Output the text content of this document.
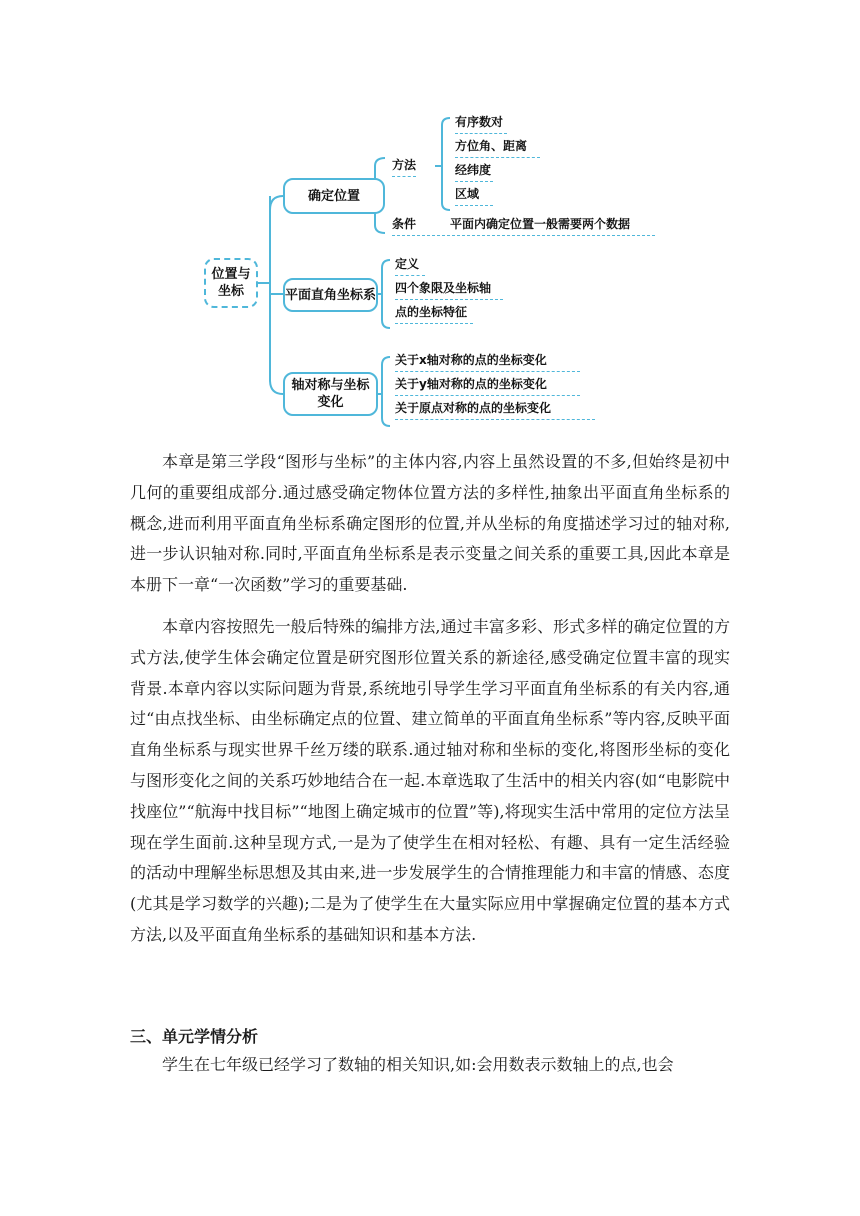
位置与
坐标
确定位置
平面直角坐标系
轴对称与坐标
变化
方法
条件	平面内确定位置一般需要两个数据
有序数对
方位角、距离
经纬度
区域
定义
四个象限及坐标轴
点的坐标特征
关于x轴对称的点的坐标变化
关于y轴对称的点的坐标变化
关于原点对称的点的坐标变化

本章是第三学段“图形与坐标”的主体内容,内容上虽然设置的不多,但始终是初中几何的重要组成部分.通过感受确定物体位置方法的多样性,抽象出平面直角坐标系的概念,进而利用平面直角坐标系确定图形的位置,并从坐标的角度描述学习过的轴对称,进一步认识轴对称.同时,平面直角坐标系是表示变量之间关系的重要工具,因此本章是本册下一章“一次函数”学习的重要基础.

本章内容按照先一般后特殊的编排方法,通过丰富多彩、形式多样的确定位置的方式方法,使学生体会确定位置是研究图形位置关系的新途径,感受确定位置丰富的现实背景.本章内容以实际问题为背景,系统地引导学生学习平面直角坐标系的有关内容,通过“由点找坐标、由坐标确定点的位置、建立简单的平面直角坐标系”等内容,反映平面直角坐标系与现实世界千丝万缕的联系.通过轴对称和坐标的变化,将图形坐标的变化与图形变化之间的关系巧妙地结合在一起.本章选取了生活中的相关内容(如“电影院中找座位”“航海中找目标”“地图上确定城市的位置”等),将现实生活中常用的定位方法呈现在学生面前.这种呈现方式,一是为了使学生在相对轻松、有趣、具有一定生活经验的活动中理解坐标思想及其由来,进一步发展学生的合情推理能力和丰富的情感、态度(尤其是学习数学的兴趣);二是为了使学生在大量实际应用中掌握确定位置的基本方式方法,以及平面直角坐标系的基础知识和基本方法.

三、单元学情分析

学生在七年级已经学习了数轴的相关知识,如:会用数表示数轴上的点,也会
